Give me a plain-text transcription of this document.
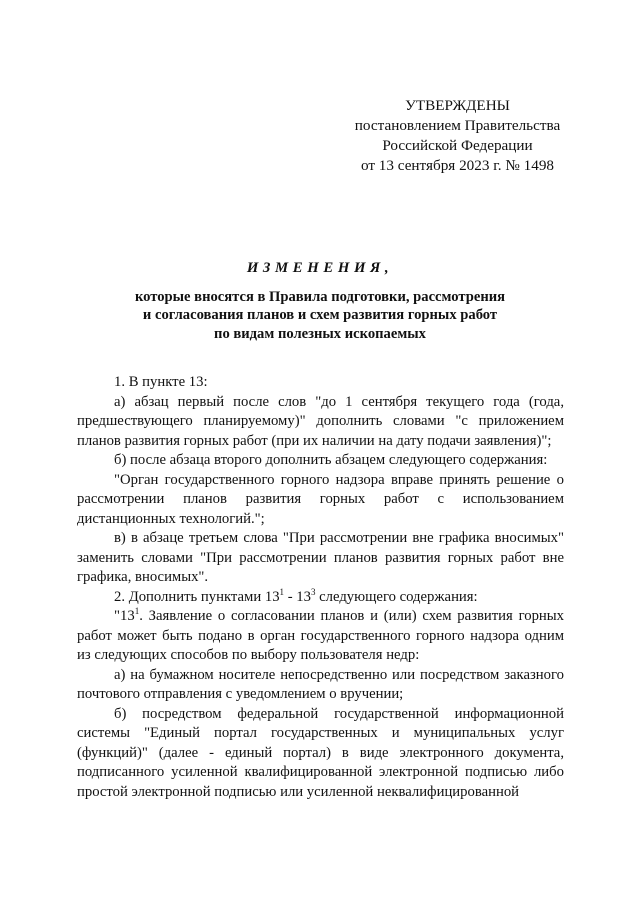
УТВЕРЖДЕНЫ
постановлением Правительства
Российской Федерации
от 13 сентября 2023 г. № 1498
ИЗМЕНЕНИЯ,
которые вносятся в Правила подготовки, рассмотрения
и согласования планов и схем развития горных работ
по видам полезных ископаемых

1. В пункте 13:

а) абзац первый после слов "до 1 сентября текущего года (года, предшествующего планируемому)" дополнить словами "с приложением планов развития горных работ (при их наличии на дату подачи заявления)";

б) после абзаца второго дополнить абзацем следующего содержания:

"Орган государственного горного надзора вправе принять решение о рассмотрении планов развития горных работ с использованием дистанционных технологий.";

в) в абзаце третьем слова "При рассмотрении вне графика вносимых" заменить словами "При рассмотрении планов развития горных работ вне графика, вносимых".

2. Дополнить пунктами $13^1 - 13^3$ следующего содержания:

"$13^1$. Заявление о согласовании планов и (или) схем развития горных работ может быть подано в орган государственного горного надзора одним из следующих способов по выбору пользователя недр:

а) на бумажном носителе непосредственно или посредством заказного почтового отправления с уведомлением о вручении;

б) посредством федеральной государственной информационной системы "Единый портал государственных и муниципальных услуг (функций)" (далее - единый портал) в виде электронного документа, подписанного усиленной квалифицированной электронной подписью либо простой электронной подписью или усиленной неквалифицированной
